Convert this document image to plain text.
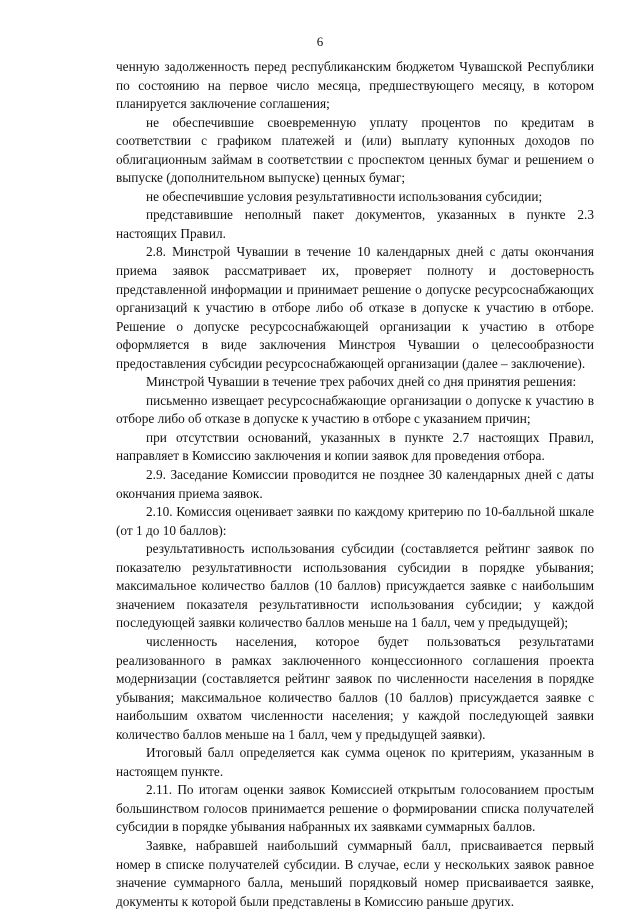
6

ченную задолженность перед республиканским бюджетом Чувашской Республики по состоянию на первое число месяца, предшествующего месяцу, в котором планируется заключение соглашения;

не обеспечившие своевременную уплату процентов по кредитам в соответствии с графиком платежей и (или) выплату купонных доходов по облигационным займам в соответствии с проспектом ценных бумаг и решением о выпуске (дополнительном выпуске) ценных бумаг;

не обеспечившие условия результативности использования субсидии;

представившие неполный пакет документов, указанных в пункте 2.3 настоящих Правил.

2.8. Минстрой Чувашии в течение 10 календарных дней с даты окончания приема заявок рассматривает их, проверяет полноту и достоверность представленной информации и принимает решение о допуске ресурсоснабжающих организаций к участию в отборе либо об отказе в допуске к участию в отборе. Решение о допуске ресурсоснабжающей организации к участию в отборе оформляется в виде заключения Минстроя Чувашии о целесообразности предоставления субсидии ресурсоснабжающей организации (далее – заключение).

Минстрой Чувашии в течение трех рабочих дней со дня принятия решения:

письменно извещает ресурсоснабжающие организации о допуске к участию в отборе либо об отказе в допуске к участию в отборе с указанием причин;

при отсутствии оснований, указанных в пункте 2.7 настоящих Правил, направляет в Комиссию заключения и копии заявок для проведения отбора.

2.9. Заседание Комиссии проводится не позднее 30 календарных дней с даты окончания приема заявок.

2.10. Комиссия оценивает заявки по каждому критерию по 10-балльной шкале (от 1 до 10 баллов):

результативность использования субсидии (составляется рейтинг заявок по показателю результативности использования субсидии в порядке убывания; максимальное количество баллов (10 баллов) присуждается заявке с наибольшим значением показателя результативности использования субсидии; у каждой последующей заявки количество баллов меньше на 1 балл, чем у предыдущей);

численность населения, которое будет пользоваться результатами реализованного в рамках заключенного концессионного соглашения проекта модернизации (составляется рейтинг заявок по численности населения в порядке убывания; максимальное количество баллов (10 баллов) присуждается заявке с наибольшим охватом численности населения; у каждой последующей заявки количество баллов меньше на 1 балл, чем у предыдущей заявки).

Итоговый балл определяется как сумма оценок по критериям, указанным в настоящем пункте.

2.11. По итогам оценки заявок Комиссией открытым голосованием простым большинством голосов принимается решение о формировании списка получателей субсидии в порядке убывания набранных их заявками суммарных баллов.

Заявке, набравшей наибольший суммарный балл, присваивается первый номер в списке получателей субсидии. В случае, если у нескольких заявок равное значение суммарного балла, меньший порядковый номер присваивается заявке, документы к которой были представлены в Комиссию раньше других.
